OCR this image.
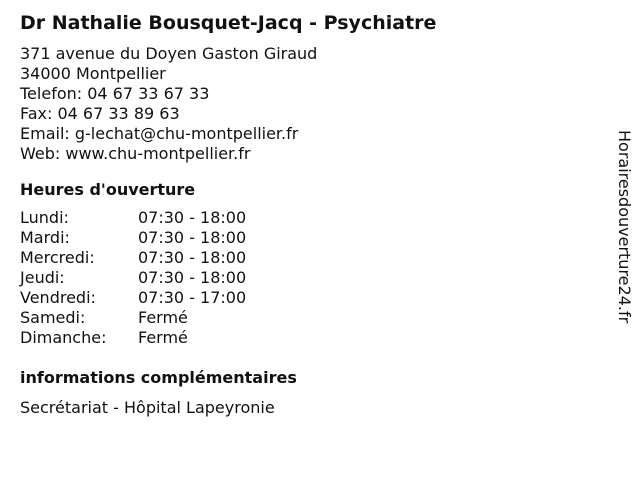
Dr Nathalie Bousquet-Jacq - Psychiatre
371 avenue du Doyen Gaston Giraud
34000 Montpellier
Telefon: 04 67 33 67 33
Fax: 04 67 33 89 63
Email: g-lechat@chu-montpellier.fr
Web: www.chu-montpellier.fr
Heures d'ouverture
Lundi:	07:30 - 18:00
Mardi:	07:30 - 18:00
Mercredi:	07:30 - 18:00
Jeudi:	07:30 - 18:00
Vendredi:	07:30 - 17:00
Samedi:	Fermé
Dimanche:	Fermé
informations complémentaires
Secrétariat - Hôpital Lapeyronie
Horairesdouverture24.fr
